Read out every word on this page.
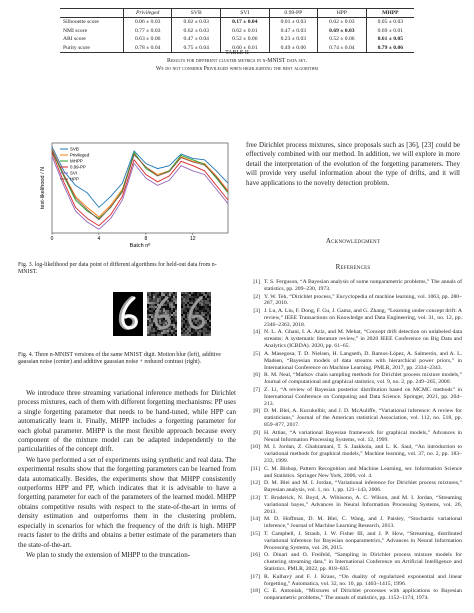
	Privileged	SVB	SVI	0.99-PP	HPP	MHPP
Silhouette score	0.06 ± 0.03	0.02 ± 0.03	0.17 ± 0.04	0.01 ± 0.03	0.02 ± 0.03	0.05 ± 0.03
NMI score	0.77 ± 0.03	0.62 ± 0.03	0.62 ± 0.01	0.47 ± 0.03	0.69 ± 0.03	0.69 ± 0.01
ARI score	0.63 ± 0.06	0.47 ± 0.04	0.52 ± 0.06	0.23 ± 0.03	0.52 ± 0.06	0.61 ± 0.05
Purity score	0.78 ± 0.04	0.75 ± 0.04	0.60 ± 0.01	0.49 ± 0.06	0.74 ± 0.04	0.79 ± 0.06
TABLE II
Results for different cluster metrics in n-MNIST data set.
We do not consider Privileged when highlighting the best algorithm
0	4	8	12
Batch nº
test-likelihood / N
SVB
Privileged
MHPP
0.99-PP
SVI
HPP
Fig. 3. log-likelihood per data point of different algorithms for held-out data from n-MNIST.
Fig. 4. Three n-MNIST versions of the same MNIST digit. Motion blur (left), additive gaussian noise (center) and additive gaussian noise + reduced contrast (right).

We introduce three streaming variational inference methods for Dirichlet process mixtures, each of them with different forgetting mechanisms: PP uses a single forgetting parameter that needs to be hand-tuned, while HPP can automatically learn it. Finally, MHPP includes a forgetting parameter for each global parameter. MHPP is the most flexible approach because every component of the mixture model can be adapted independently to the particularities of the concept drift.

We have performed a set of experiments using synthetic and real data. The experimental results show that the forgetting parameters can be learned from data automatically. Besides, the experiments show that MHPP consistently outperforms HPP and PP, which indicates that it is advisable to have a forgetting parameter for each of the parameters of the learned model. MHPP obtains competitive results with respect to the state-of-the-art in terms of density estimation and outperforms them in the clustering problem, especially in scenarios for which the frequency of the drift is high. MHPP reacts faster to the drifts and obtains a better estimate of the parameters than the state-of-the-art.

We plan to study the extension of MHPP to the truncation-

free Dirichlet process mixtures, since proposals such as [36], [23] could be effectively combined with our method. In addition, we will explore in more detail the interpretation of the evolution of the forgetting parameters. They will provide very useful information about the type of drifts, and it will have applications to the novelty detection problem.

Acknowledgment
References
[1] T. S. Ferguson, “A Bayesian analysis of some nonparametric problems,” The annals of statistics, pp. 209–230, 1973.
[2] Y. W. Teh, “Dirichlet process,” Encyclopedia of machine learning, vol. 1063, pp. 280–287, 2010.
[3] J. Lu, A. Liu, F. Dong, F. Gu, J. Gama, and G. Zhang, “Learning under concept drift: A review,” IEEE Transactions on Knowledge and Data Engineering, vol. 31, no. 12, pp. 2346–2363, 2018.
[4] N. L. A. Ghani, I. A. Aziz, and M. Mehat, “Concept drift detection on unlabeled data streams: A systematic literature review,” in 2020 IEEE Conference on Big Data and Analytics (ICBDA). 2020, pp. 61–65.
[5] A. Masegosa, T. D. Nielsen, H. Langseth, D. Ramos-López, A. Salmerón, and A. L. Madsen, “Bayesian models of data streams with hierarchical power priors,” in International Conference on Machine Learning. PMLR, 2017, pp. 2334–2343.
[6] R. M. Neal, “Markov chain sampling methods for Dirichlet process mixture models,” Journal of computational and graphical statistics, vol. 9, no. 2, pp. 249–265, 2000.
[7] Z. Li, “A review of Bayesian posterior distribution based on MCMC methods” in International Conference on Computing and Data Science. Springer, 2021, pp. 204–213.
[8] D. M. Blei, A. Kucukelbir, and J. D. McAuliffe, “Variational inference: A review for statisticians,” Journal of the American statistical Association, vol. 112, no. 518, pp. 859–877, 2017.
[9] H. Attias, “A variational Bayesian framework for graphical models,” Advances in Neural Information Processing Systems, vol. 12, 1999.
[10] M. I. Jordan, Z. Ghahramani, T. S. Jaakkola, and L. K. Saul, “An introduction to variational methods for graphical models,” Machine learning, vol. 37, no. 2, pp. 183–233, 1999.
[11] C. M. Bishop, Pattern Recognition and Machine Learning, ser. Information Science and Statistics. Springer New York, 2006, vol. 4.
[12] D. M. Blei and M. I. Jordan, “Variational inference for Dirichlet process mixtures,” Bayesian analysis, vol. 1, no. 1, pp. 121–143, 2006.
[13] T. Broderick, N. Boyd, A. Wibisono, A. C. Wilson, and M. I. Jordan, “Streaming variational bayes,” Advances in Neural Information Processing Systems, vol. 26, 2013.
[14] M. D. Hoffman, D. M. Blei, C. Wang, and J. Paisley, “Stochastic variational inference,” Journal of Machine Learning Research, 2013.
[15] T. Campbell, J. Straub, J. W. Fisher III, and J. P. How, “Streaming, distributed variational inference for Bayesian nonparametrics,” Advances in Neural Information Processing Systems, vol. 28, 2015.
[16] O. Dinari and O. Freifeld, “Sampling in Dirichlet process mixture models for clustering streaming data,” in International Conference on Artificial Intelligence and Statistics. PMLR, 2022, pp. 818–835.
[17] R. Kulhavý and F. J. Kraus, “On duality of regularized exponential and linear forgetting,” Automatica, vol. 32, no. 10, pp. 1403–1415, 1996.
[18] C. E. Antoniak, “Mixtures of Dirichlet processes with applications to Bayesian nonparametric problems,” The annals of statistics, pp. 1152–1174, 1974.
